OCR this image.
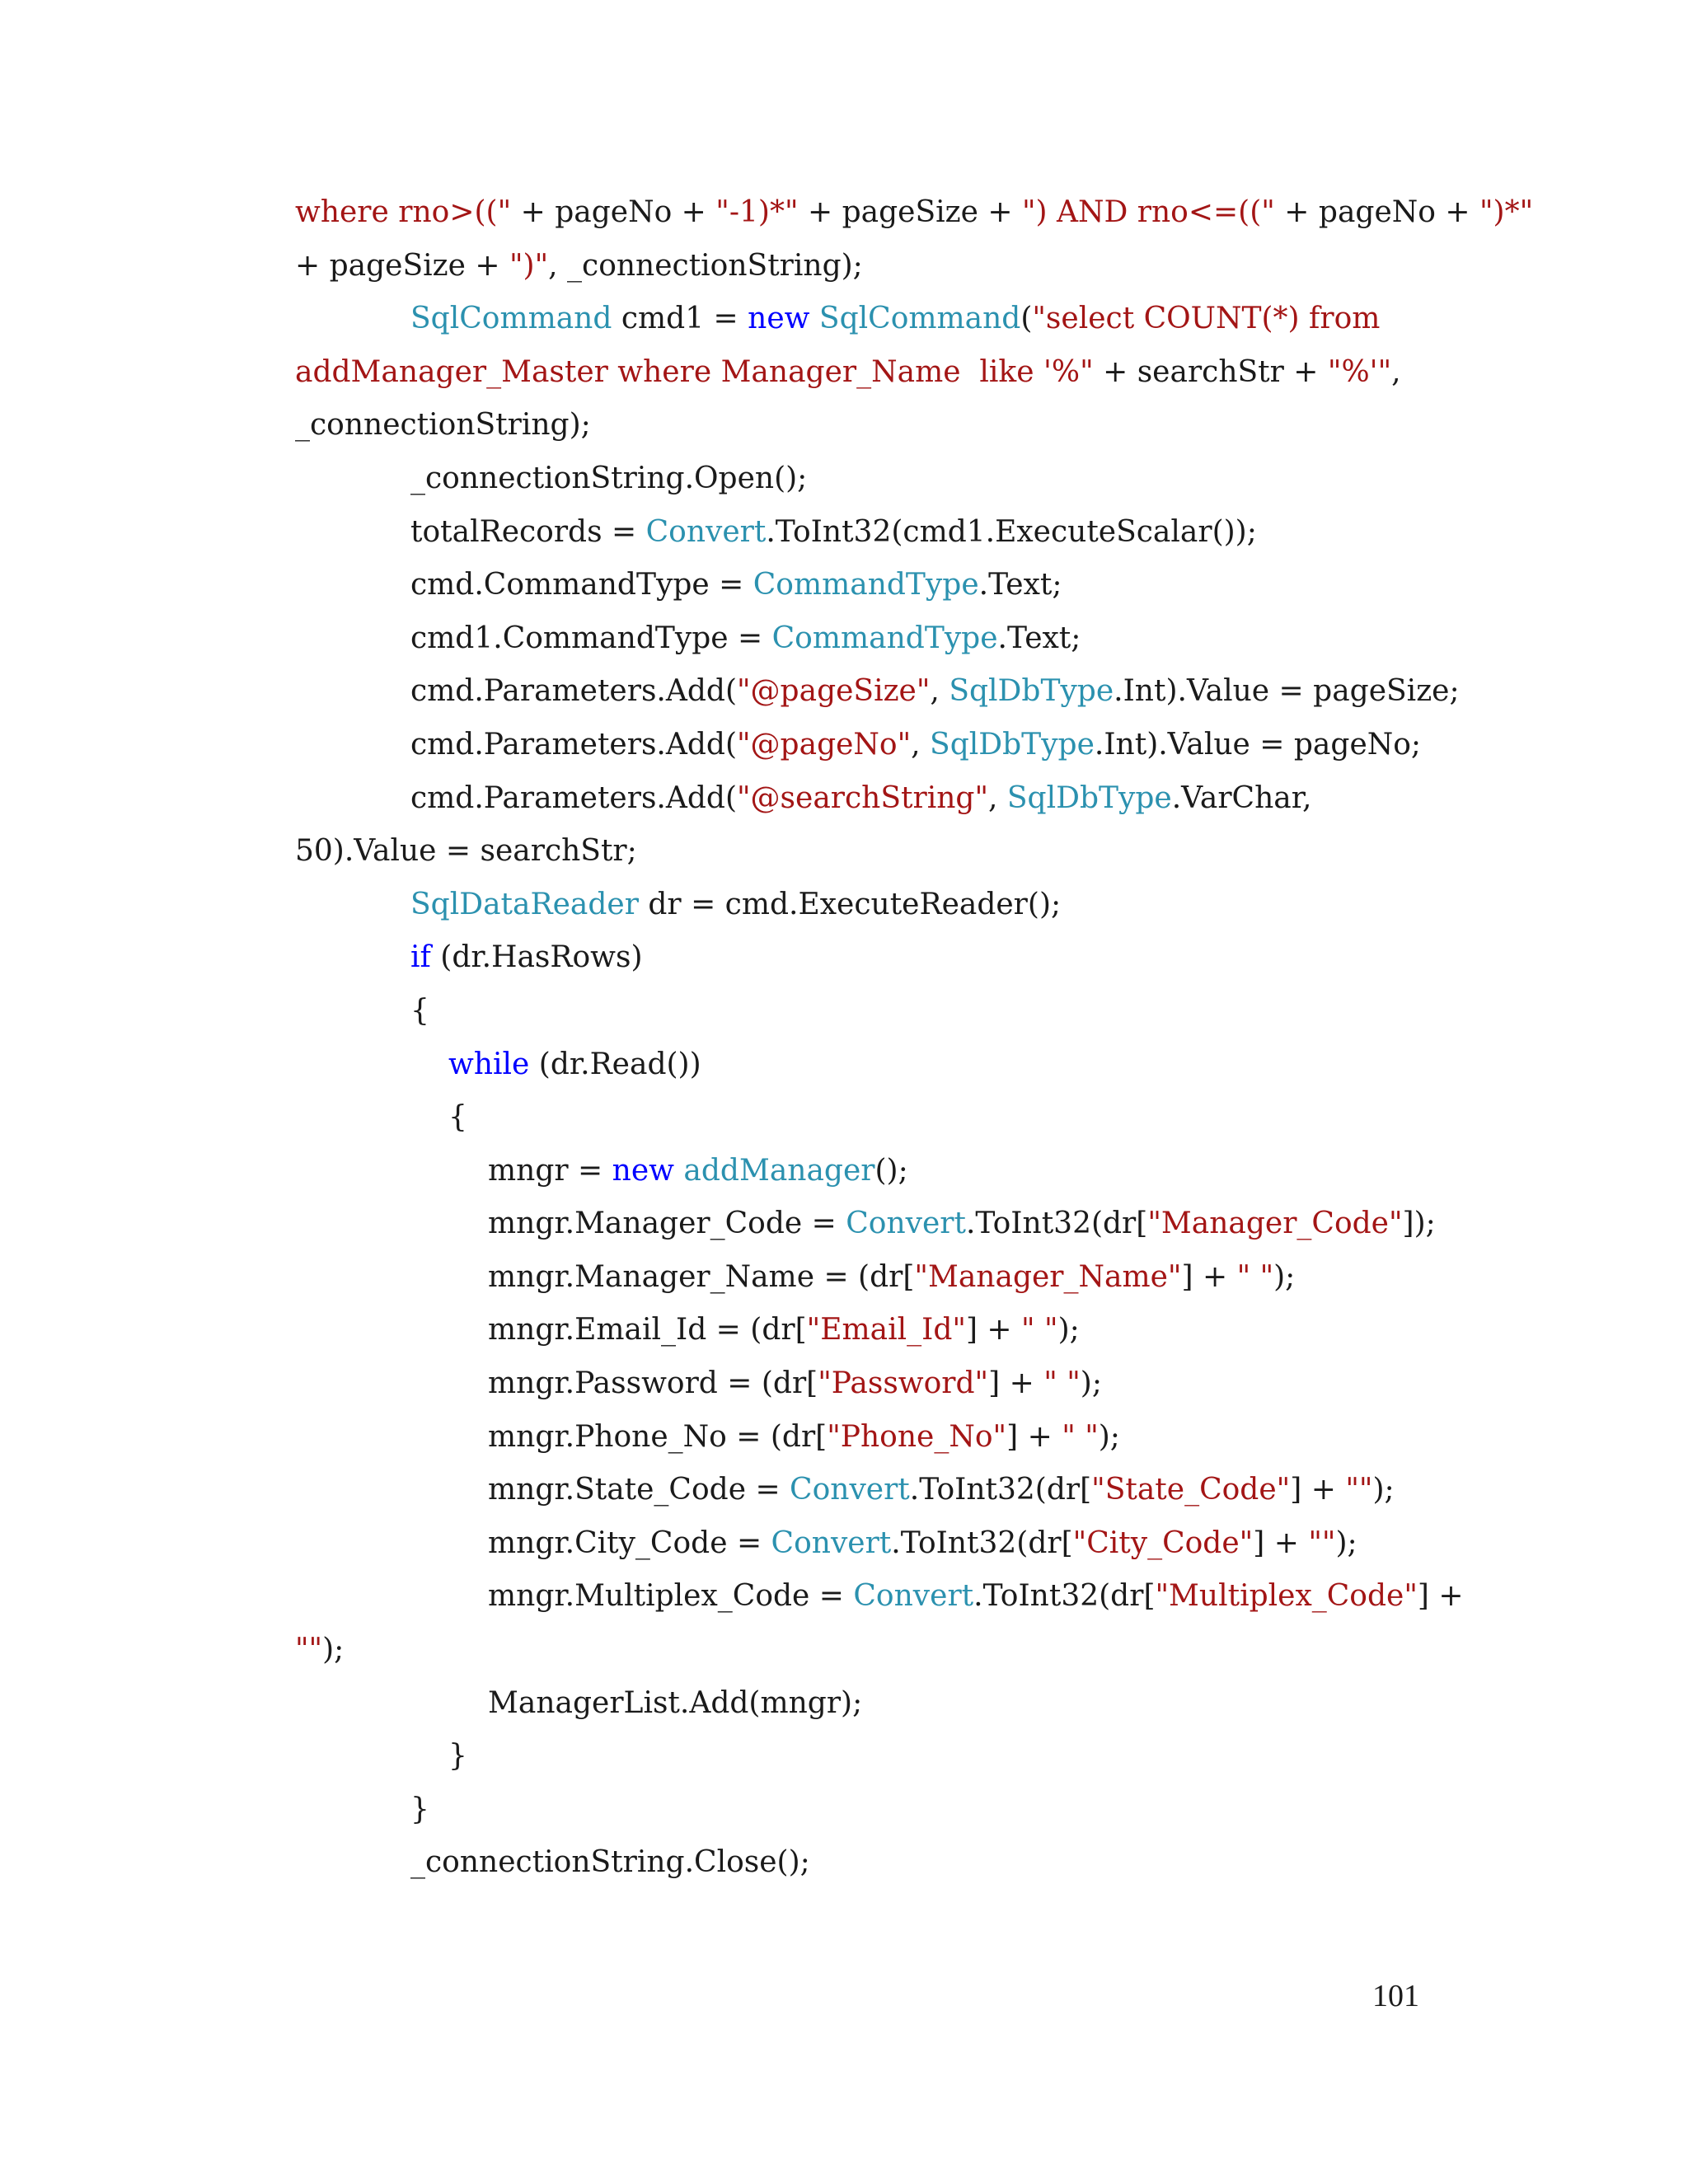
where rno>((" + pageNo + "-1)*" + pageSize + ") AND rno<=((" + pageNo + ")*"
+ pageSize + ")", _connectionString);
SqlCommand cmd1 = new SqlCommand("select COUNT(*) from
addManager_Master where Manager_Name  like '%" + searchStr + "%'",
_connectionString);
_connectionString.Open();
totalRecords = Convert.ToInt32(cmd1.ExecuteScalar());
cmd.CommandType = CommandType.Text;
cmd1.CommandType = CommandType.Text;
cmd.Parameters.Add("@pageSize", SqlDbType.Int).Value = pageSize;
cmd.Parameters.Add("@pageNo", SqlDbType.Int).Value = pageNo;
cmd.Parameters.Add("@searchString", SqlDbType.VarChar,
50).Value = searchStr;
SqlDataReader dr = cmd.ExecuteReader();
if (dr.HasRows)
{
while (dr.Read())
{
mngr = new addManager();
mngr.Manager_Code = Convert.ToInt32(dr["Manager_Code"]);
mngr.Manager_Name = (dr["Manager_Name"] + " ");
mngr.Email_Id = (dr["Email_Id"] + " ");
mngr.Password = (dr["Password"] + " ");
mngr.Phone_No = (dr["Phone_No"] + " ");
mngr.State_Code = Convert.ToInt32(dr["State_Code"] + "");
mngr.City_Code = Convert.ToInt32(dr["City_Code"] + "");
mngr.Multiplex_Code = Convert.ToInt32(dr["Multiplex_Code"] +
"");
ManagerList.Add(mngr);
}
}
_connectionString.Close();
101
